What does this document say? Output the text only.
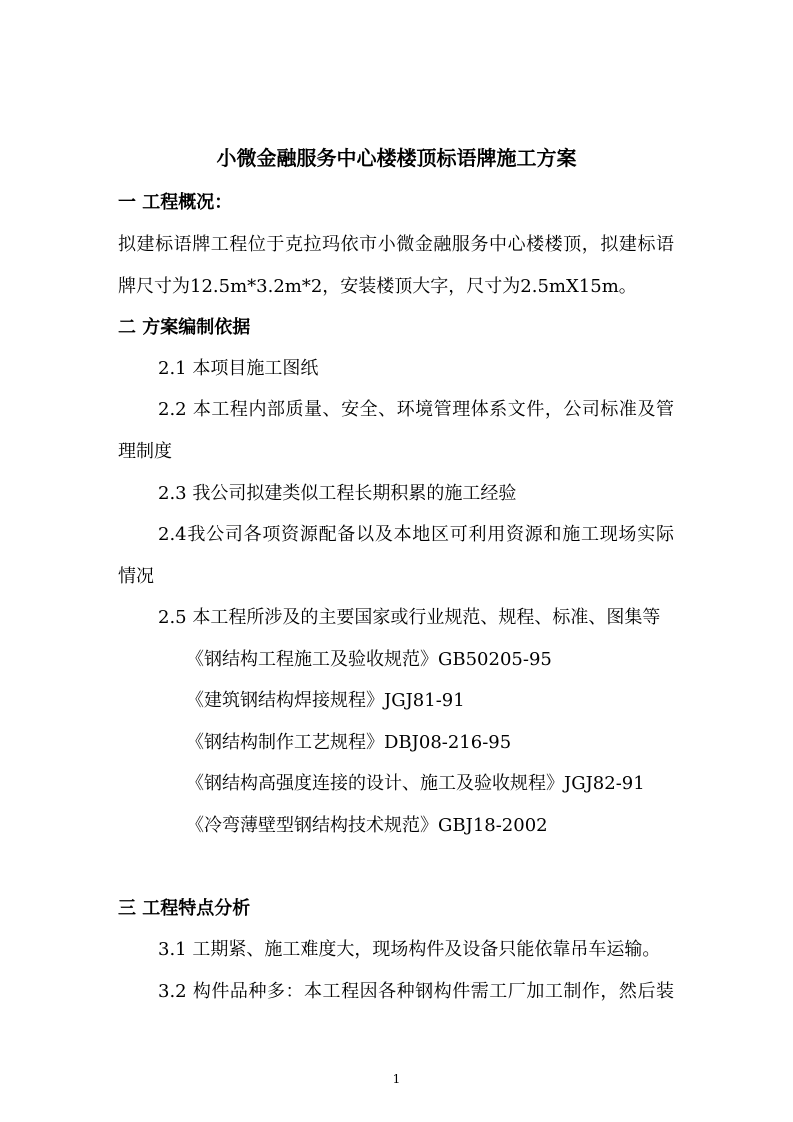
小微金融服务中心楼楼顶标语牌施工方案
一 工程概况：
拟建标语牌工程位于克拉玛依市小微金融服务中心楼楼顶，拟建标语
牌尺寸为12.5m*3.2m*2，安装楼顶大字，尺寸为2.5mX15m。
二 方案编制依据
2.1 本项目施工图纸
2.2 本工程内部质量、安全、环境管理体系文件，公司标准及管
理制度
2.3 我公司拟建类似工程长期积累的施工经验
2.4我公司各项资源配备以及本地区可利用资源和施工现场实际
情况
2.5 本工程所涉及的主要国家或行业规范、规程、标准、图集等
《钢结构工程施工及验收规范》GB50205-95
《建筑钢结构焊接规程》JGJ81-91
《钢结构制作工艺规程》DBJ08-216-95
《钢结构高强度连接的设计、施工及验收规程》JGJ82-91
《冷弯薄壁型钢结构技术规范》GBJ18-2002
三 工程特点分析
3.1 工期紧、施工难度大，现场构件及设备只能依靠吊车运输。
3.2 构件品种多：本工程因各种钢构件需工厂加工制作，然后装
1
